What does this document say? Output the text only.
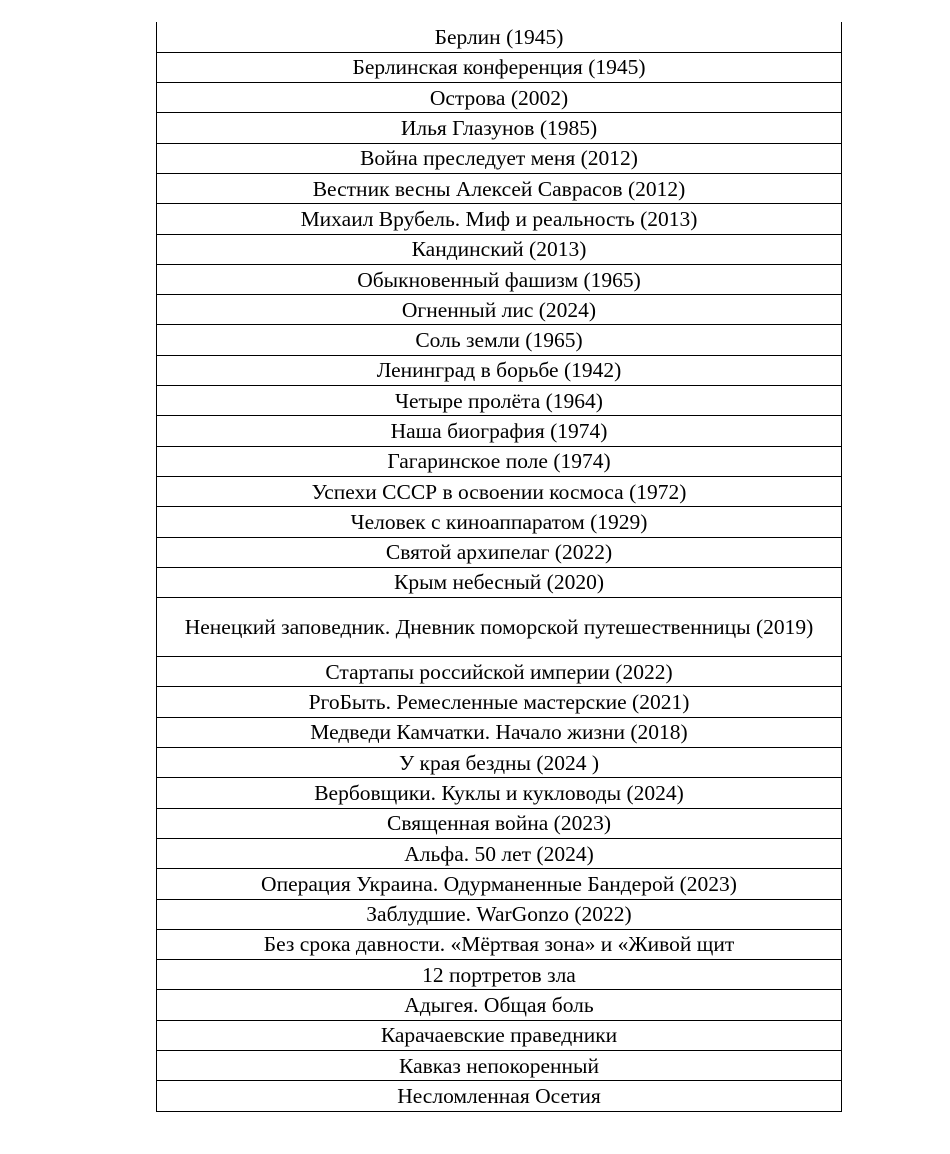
Берлин (1945)
Берлинская конференция (1945)
Острова (2002)
Илья Глазунов (1985)
Война преследует меня (2012)
Вестник весны Алексей Саврасов (2012)
Михаил Врубель. Миф и реальность (2013)
Кандинский (2013)
Обыкновенный фашизм (1965)
Огненный лис (2024)
Соль земли (1965)
Ленинград в борьбе (1942)
Четыре пролёта (1964)
Наша биография (1974)
Гагаринское поле (1974)
Успехи СССР в освоении космоса (1972)
Человек с киноаппаратом (1929)
Святой архипелаг (2022)
Крым небесный (2020)
Ненецкий заповедник. Дневник поморской путешественницы (2019)
Стартапы российской империи (2022)
PгоБыть. Ремесленные мастерские (2021)
Медведи Камчатки. Начало жизни (2018)
У края бездны (2024 )
Вербовщики. Куклы и кукловоды (2024)
Священная война (2023)
Альфа. 50 лет (2024)
Операция Украина. Одурманенные Бандерой (2023)
Заблудшие. WarGonzo (2022)
Без срока давности. «Мёртвая зона» и «Живой щит
12 портретов зла
Адыгея. Общая боль
Карачаевские праведники
Кавказ непокоренный
Несломленная Осетия
